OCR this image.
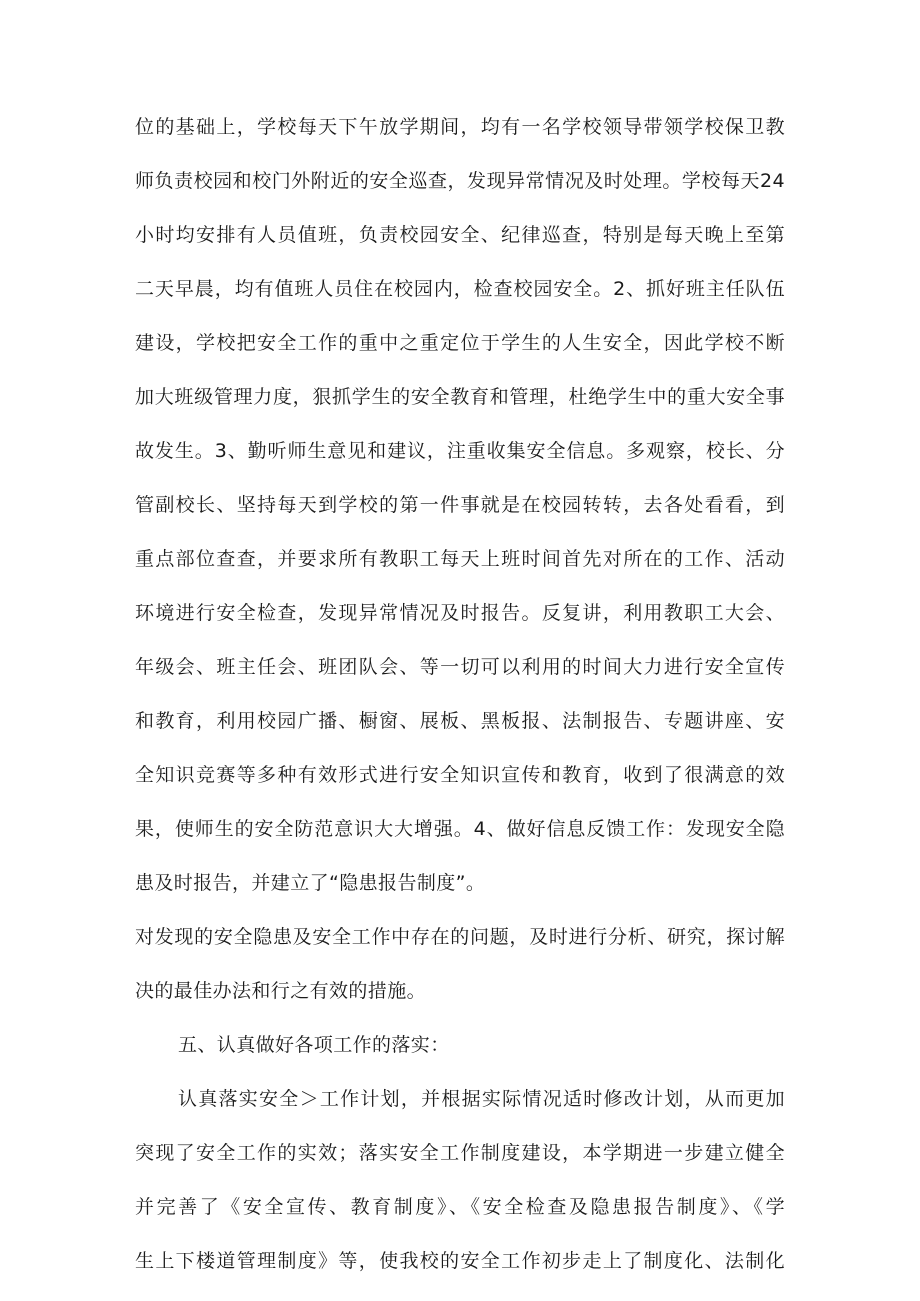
位的基础上，学校每天下午放学期间，均有一名学校领导带领学校保卫教
师负责校园和校门外附近的安全巡查，发现异常情况及时处理。学校每天24
小时均安排有人员值班，负责校园安全、纪律巡查，特别是每天晚上至第
二天早晨，均有值班人员住在校园内，检查校园安全。2、抓好班主任队伍
建设，学校把安全工作的重中之重定位于学生的人生安全，因此学校不断
加大班级管理力度，狠抓学生的安全教育和管理，杜绝学生中的重大安全事
故发生。3、勤听师生意见和建议，注重收集安全信息。多观察，校长、分
管副校长、坚持每天到学校的第一件事就是在校园转转，去各处看看，到
重点部位查查，并要求所有教职工每天上班时间首先对所在的工作、活动
环境进行安全检查，发现异常情况及时报告。反复讲，利用教职工大会、
年级会、班主任会、班团队会、等一切可以利用的时间大力进行安全宣传
和教育，利用校园广播、橱窗、展板、黑板报、法制报告、专题讲座、安
全知识竞赛等多种有效形式进行安全知识宣传和教育，收到了很满意的效
果，使师生的安全防范意识大大增强。4、做好信息反馈工作：发现安全隐
患及时报告，并建立了“隐患报告制度”。
对发现的安全隐患及安全工作中存在的问题，及时进行分析、研究，探讨解
决的最佳办法和行之有效的措施。
五、认真做好各项工作的落实：
认真落实安全＞工作计划，并根据实际情况适时修改计划，从而更加
突现了安全工作的实效；落实安全工作制度建设，本学期进一步建立健全
并完善了《安全宣传、教育制度》、《安全检查及隐患报告制度》、《学
生上下楼道管理制度》等，使我校的安全工作初步走上了制度化、法制化
